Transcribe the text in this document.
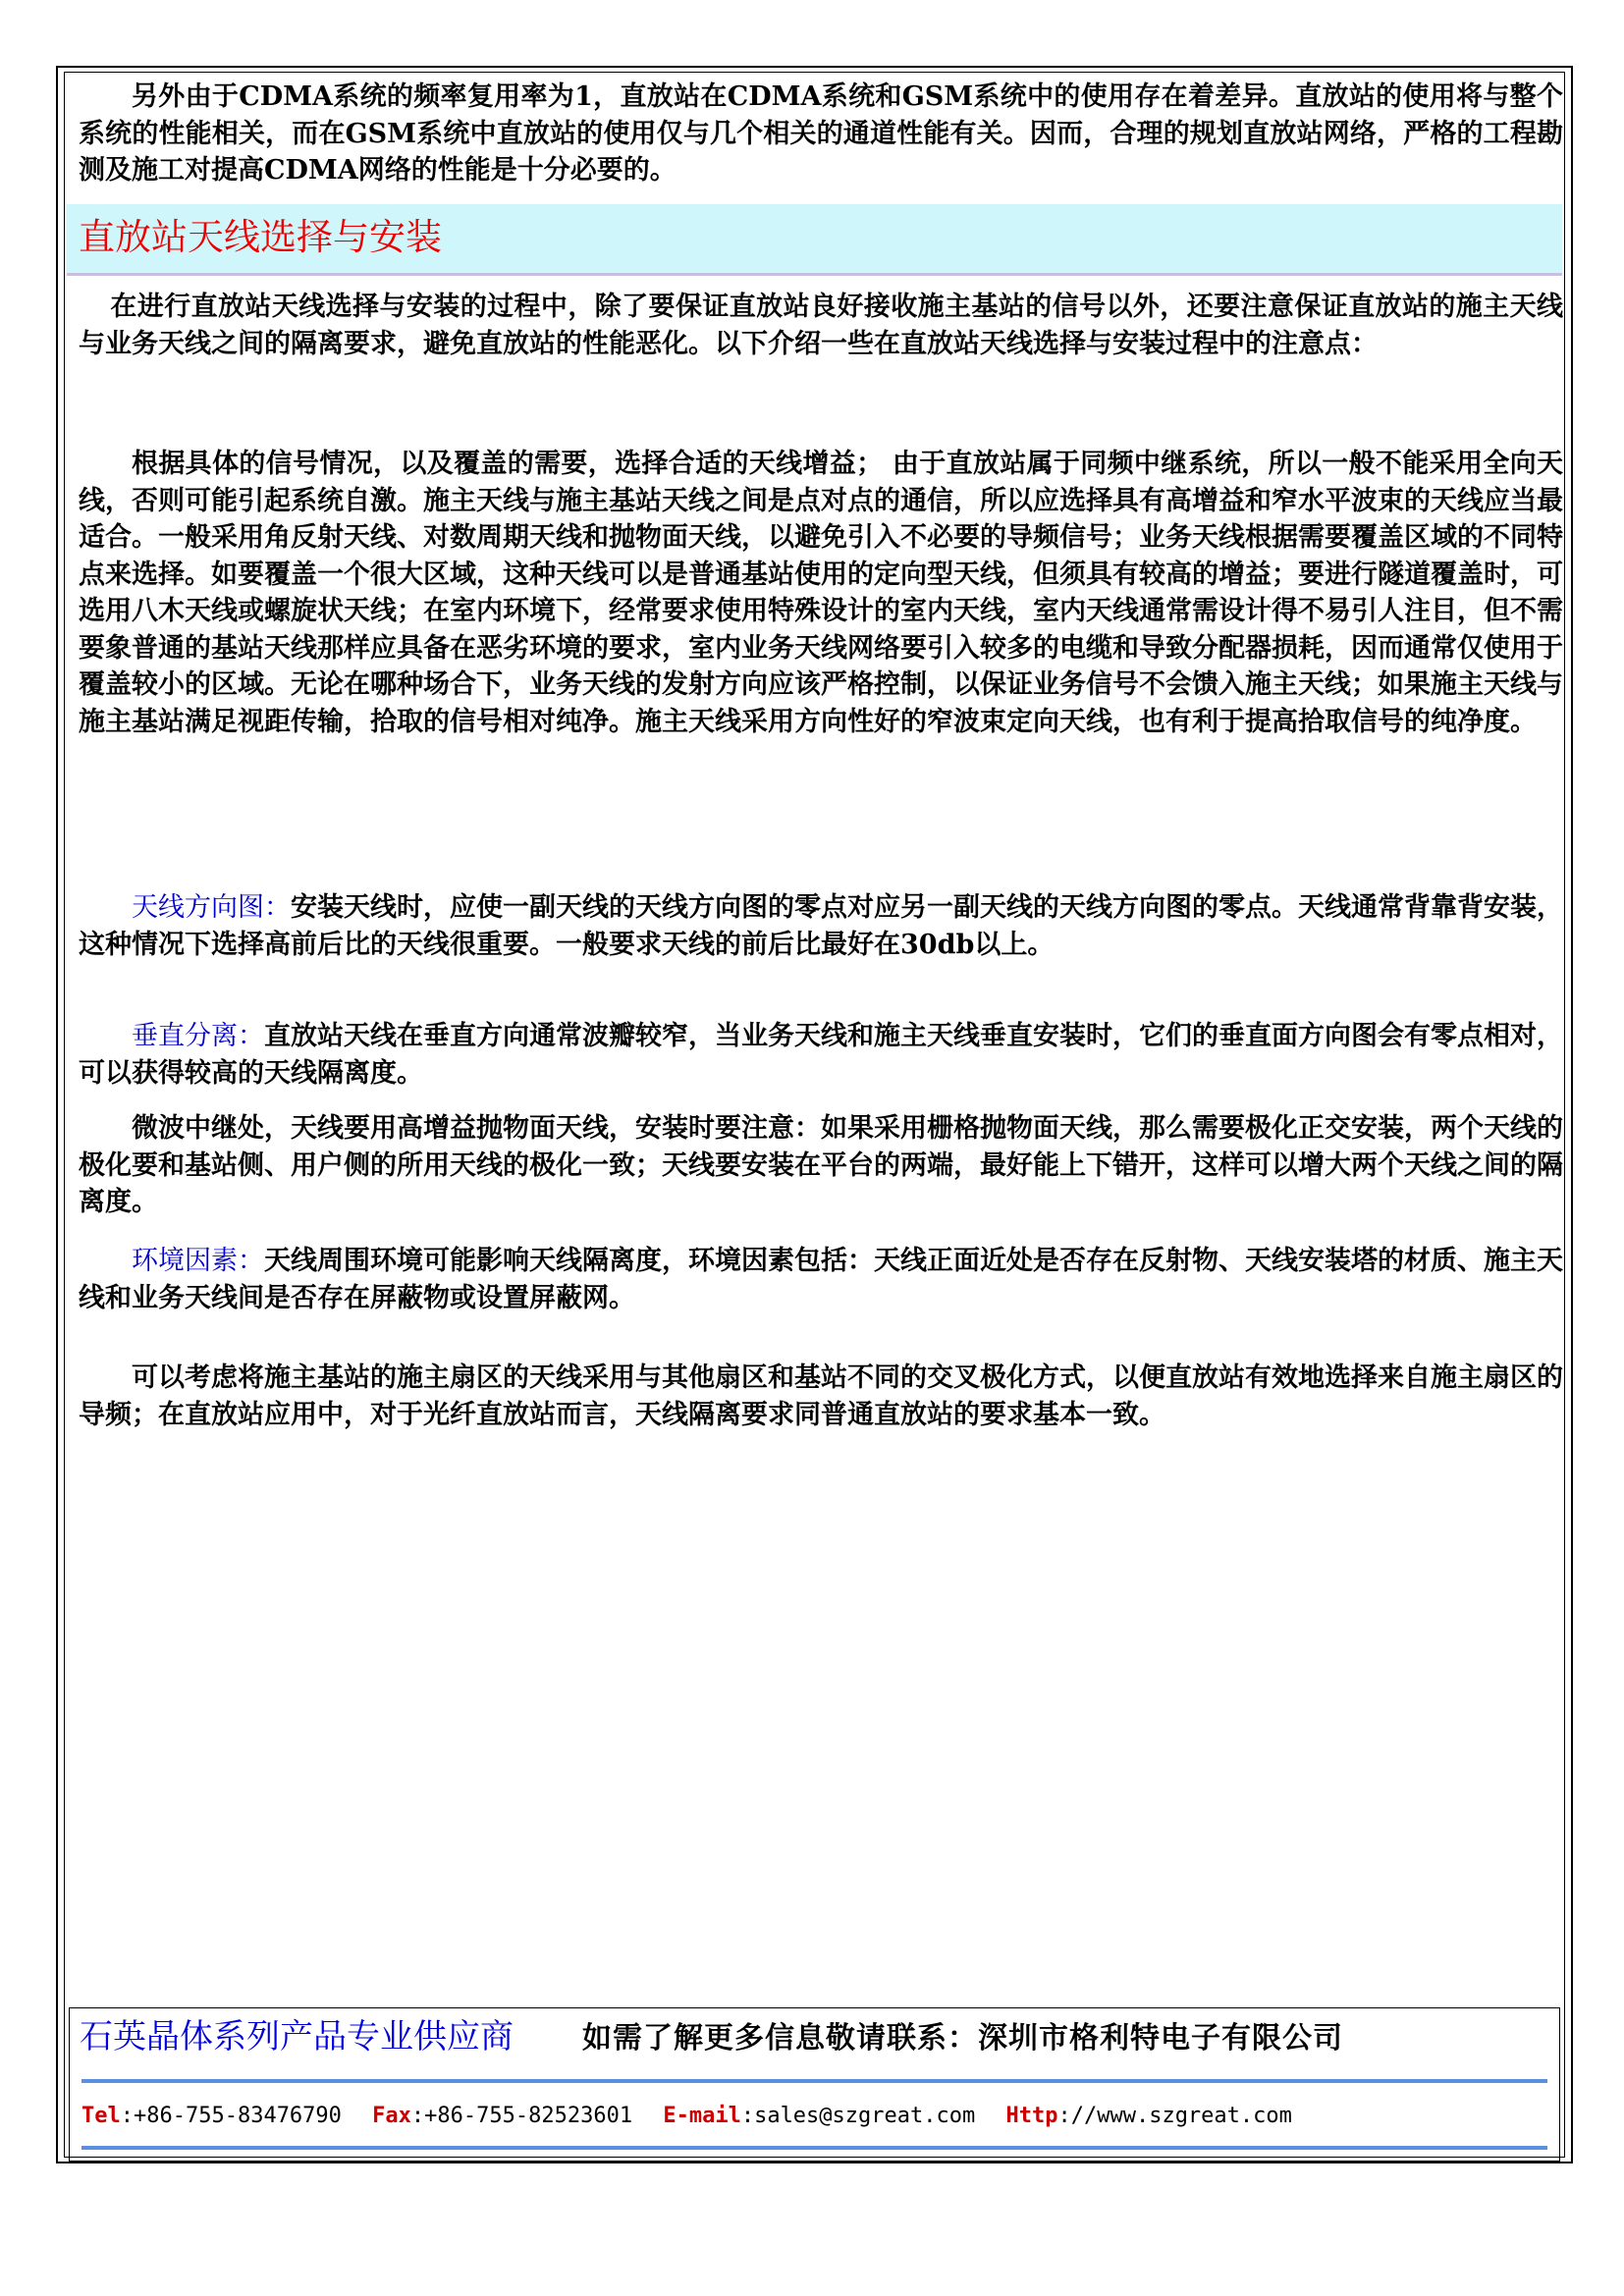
另外由于CDMA系统的频率复用率为1，直放站在CDMA系统和GSM系统中的使用存在着差异。直放站的使用将与整个系统的性能相关，而在GSM系统中直放站的使用仅与几个相关的通道性能有关。因而，合理的规划直放站网络，严格的工程勘测及施工对提高CDMA网络的性能是十分必要的。

直放站天线选择与安装

在进行直放站天线选择与安装的过程中，除了要保证直放站良好接收施主基站的信号以外，还要注意保证直放站的施主天线与业务天线之间的隔离要求，避免直放站的性能恶化。以下介绍一些在直放站天线选择与安装过程中的注意点：

根据具体的信号情况，以及覆盖的需要，选择合适的天线增益； 由于直放站属于同频中继系统，所以一般不能采用全向天线，否则可能引起系统自激。施主天线与施主基站天线之间是点对点的通信，所以应选择具有高增益和窄水平波束的天线应当最适合。一般采用角反射天线、对数周期天线和抛物面天线，以避免引入不必要的导频信号；业务天线根据需要覆盖区域的不同特点来选择。如要覆盖一个很大区域，这种天线可以是普通基站使用的定向型天线，但须具有较高的增益；要进行隧道覆盖时，可选用八木天线或螺旋状天线；在室内环境下，经常要求使用特殊设计的室内天线，室内天线通常需设计得不易引人注目，但不需要象普通的基站天线那样应具备在恶劣环境的要求，室内业务天线网络要引入较多的电缆和导致分配器损耗，因而通常仅使用于覆盖较小的区域。无论在哪种场合下，业务天线的发射方向应该严格控制，以保证业务信号不会馈入施主天线；如果施主天线与施主基站满足视距传输，拾取的信号相对纯净。施主天线采用方向性好的窄波束定向天线，也有利于提高拾取信号的纯净度。

天线方向图：安装天线时，应使一副天线的天线方向图的零点对应另一副天线的天线方向图的零点。天线通常背靠背安装，这种情况下选择高前后比的天线很重要。一般要求天线的前后比最好在30db以上。

垂直分离：直放站天线在垂直方向通常波瓣较窄，当业务天线和施主天线垂直安装时，它们的垂直面方向图会有零点相对，可以获得较高的天线隔离度。

微波中继处，天线要用高增益抛物面天线，安装时要注意：如果采用栅格抛物面天线，那么需要极化正交安装，两个天线的极化要和基站侧、用户侧的所用天线的极化一致；天线要安装在平台的两端，最好能上下错开，这样可以增大两个天线之间的隔离度。

环境因素：天线周围环境可能影响天线隔离度，环境因素包括：天线正面近处是否存在反射物、天线安装塔的材质、施主天线和业务天线间是否存在屏蔽物或设置屏蔽网。

可以考虑将施主基站的施主扇区的天线采用与其他扇区和基站不同的交叉极化方式，以便直放站有效地选择来自施主扇区的导频；在直放站应用中，对于光纤直放站而言，天线隔离要求同普通直放站的要求基本一致。

石英晶体系列产品专业供应商 如需了解更多信息敬请联系：深圳市格利特电子有限公司
Tel:+86-755-83476790 Fax:+86-755-82523601 E-mail:sales@szgreat.com Http://www.szgreat.com
